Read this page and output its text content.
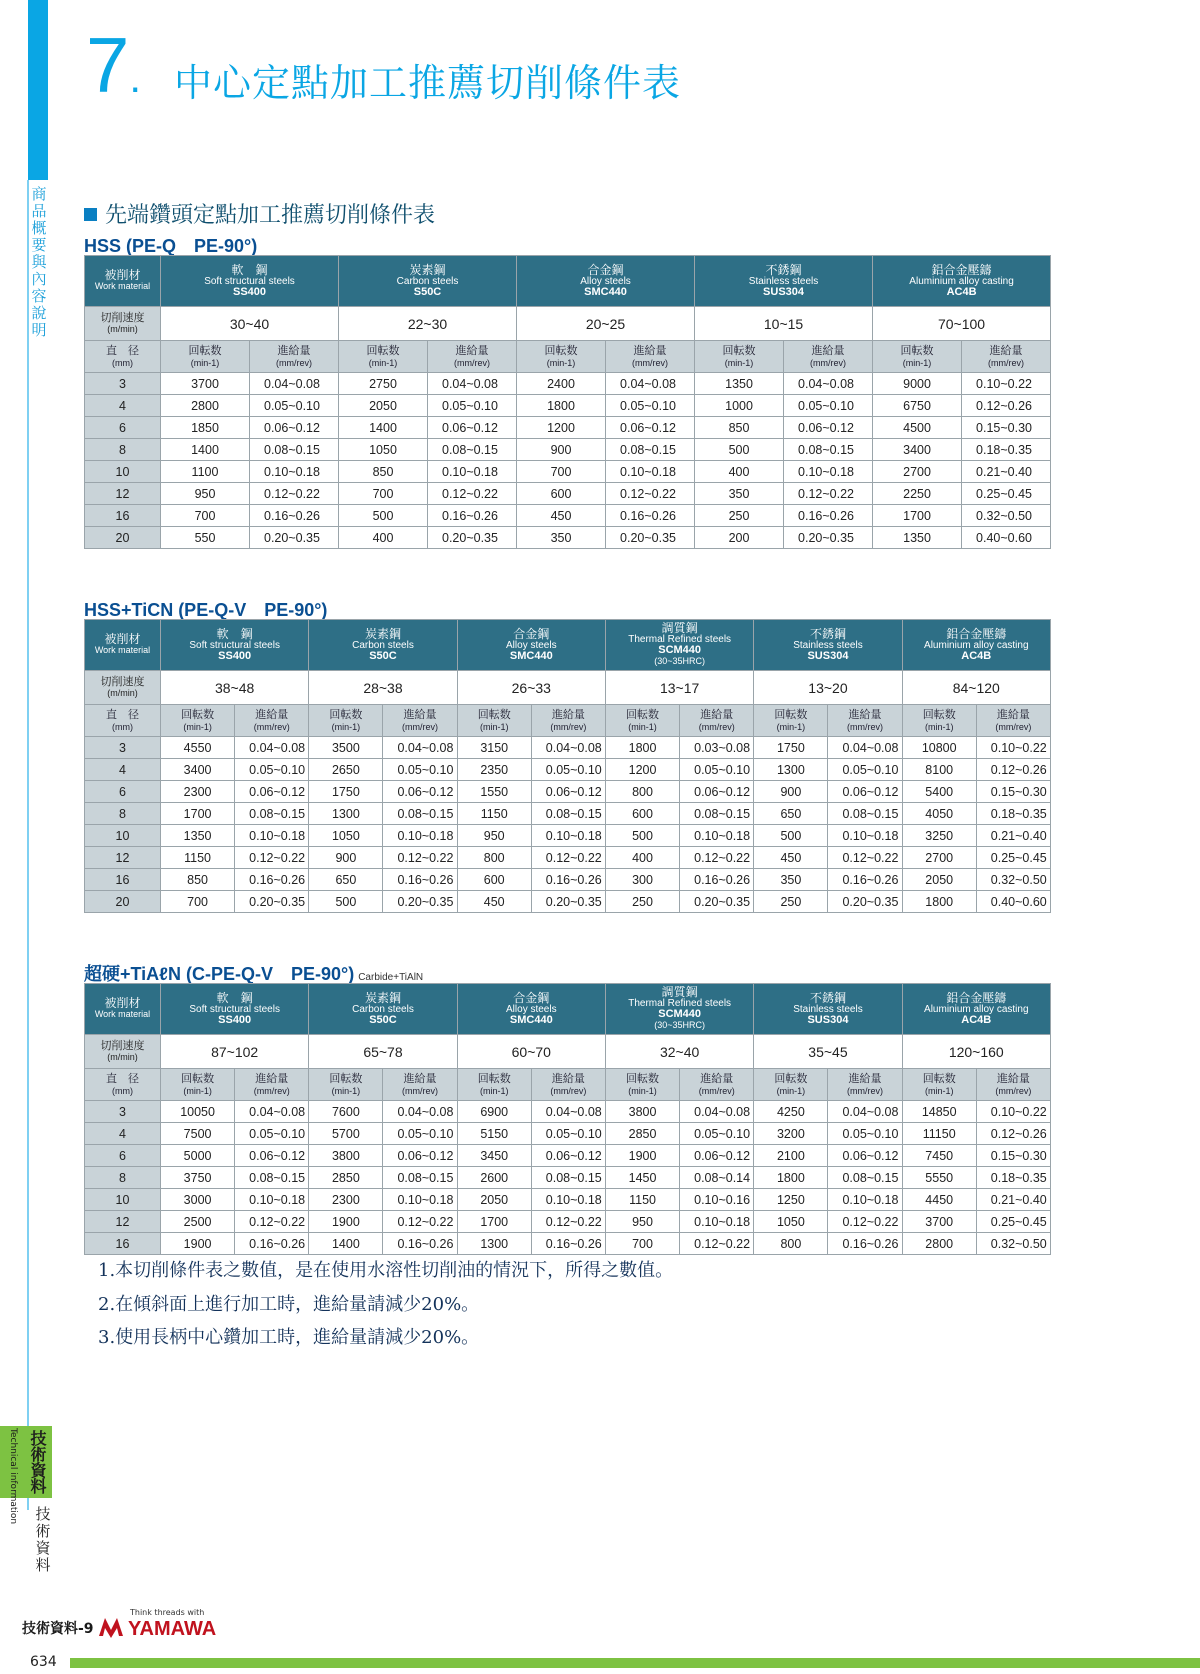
商品概要與內容說明
技術資料
Technical information 技術資料
7. 中心定點加工推薦切削條件表
先端鑽頭定點加工推薦切削條件表
HSS (PE-Q　PE-90°)
被削材
Work material	軟　鋼
Soft structural steels
SS400		炭素鋼
Carbon steels
S50C		合金鋼
Alloy steels
SMC440		不銹鋼
Stainless steels
SUS304		鋁合金壓鑄
Aluminium alloy casting
AC4B	

切削速度
(m/min)	30~40		22~30		20~25		10~15		70~100	

直　径
(mm)	回転数
(min-1)	進給量
(mm/rev)	回転数
(min-1)	進給量
(mm/rev)	回転数
(min-1)	進給量
(mm/rev)	回転数
(min-1)	進給量
(mm/rev)	回転数
(min-1)	進給量
(mm/rev)

3	3700	0.04~0.08	2750	0.04~0.08	2400	0.04~0.08	1350	0.04~0.08	9000	0.10~0.22
4	2800	0.05~0.10	2050	0.05~0.10	1800	0.05~0.10	1000	0.05~0.10	6750	0.12~0.26
6	1850	0.06~0.12	1400	0.06~0.12	1200	0.06~0.12	850	0.06~0.12	4500	0.15~0.30
8	1400	0.08~0.15	1050	0.08~0.15	900	0.08~0.15	500	0.08~0.15	3400	0.18~0.35
10	1100	0.10~0.18	850	0.10~0.18	700	0.10~0.18	400	0.10~0.18	2700	0.21~0.40
12	950	0.12~0.22	700	0.12~0.22	600	0.12~0.22	350	0.12~0.22	2250	0.25~0.45
16	700	0.16~0.26	500	0.16~0.26	450	0.16~0.26	250	0.16~0.26	1700	0.32~0.50
20	550	0.20~0.35	400	0.20~0.35	350	0.20~0.35	200	0.20~0.35	1350	0.40~0.60
HSS+TiCN (PE-Q-V　PE-90°)
被削材
Work material	軟　鋼
Soft structural steels
SS400		炭素鋼
Carbon steels
S50C		合金鋼
Alloy steels
SMC440		調質鋼
Thermal Refined steels
SCM440
(30~35HRC)		不銹鋼
Stainless steels
SUS304		鋁合金壓鑄
Aluminium alloy casting
AC4B	

切削速度
(m/min)	38~48		28~38		26~33		13~17		13~20		84~120	

直　径
(mm)	回転数
(min-1)	進給量
(mm/rev)	回転数
(min-1)	進給量
(mm/rev)	回転数
(min-1)	進給量
(mm/rev)	回転数
(min-1)	進給量
(mm/rev)	回転数
(min-1)	進給量
(mm/rev)	回転数
(min-1)	進給量
(mm/rev)

3	4550	0.04~0.08	3500	0.04~0.08	3150	0.04~0.08	1800	0.03~0.08	1750	0.04~0.08	10800	0.10~0.22
4	3400	0.05~0.10	2650	0.05~0.10	2350	0.05~0.10	1200	0.05~0.10	1300	0.05~0.10	8100	0.12~0.26
6	2300	0.06~0.12	1750	0.06~0.12	1550	0.06~0.12	800	0.06~0.12	900	0.06~0.12	5400	0.15~0.30
8	1700	0.08~0.15	1300	0.08~0.15	1150	0.08~0.15	600	0.08~0.15	650	0.08~0.15	4050	0.18~0.35
10	1350	0.10~0.18	1050	0.10~0.18	950	0.10~0.18	500	0.10~0.18	500	0.10~0.18	3250	0.21~0.40
12	1150	0.12~0.22	900	0.12~0.22	800	0.12~0.22	400	0.12~0.22	450	0.12~0.22	2700	0.25~0.45
16	850	0.16~0.26	650	0.16~0.26	600	0.16~0.26	300	0.16~0.26	350	0.16~0.26	2050	0.32~0.50
20	700	0.20~0.35	500	0.20~0.35	450	0.20~0.35	250	0.20~0.35	250	0.20~0.35	1800	0.40~0.60
超硬+TiAℓN (C-PE-Q-V　PE-90°) Carbide+TiAlN
被削材
Work material	軟　鋼
Soft structural steels
SS400		炭素鋼
Carbon steels
S50C		合金鋼
Alloy steels
SMC440		調質鋼
Thermal Refined steels
SCM440
(30~35HRC)		不銹鋼
Stainless steels
SUS304		鋁合金壓鑄
Aluminium alloy casting
AC4B	

切削速度
(m/min)	87~102		65~78		60~70		32~40		35~45		120~160	

直　径
(mm)	回転数
(min-1)	進給量
(mm/rev)	回転数
(min-1)	進給量
(mm/rev)	回転数
(min-1)	進給量
(mm/rev)	回転数
(min-1)	進給量
(mm/rev)	回転数
(min-1)	進給量
(mm/rev)	回転数
(min-1)	進給量
(mm/rev)

3	10050	0.04~0.08	7600	0.04~0.08	6900	0.04~0.08	3800	0.04~0.08	4250	0.04~0.08	14850	0.10~0.22
4	7500	0.05~0.10	5700	0.05~0.10	5150	0.05~0.10	2850	0.05~0.10	3200	0.05~0.10	11150	0.12~0.26
6	5000	0.06~0.12	3800	0.06~0.12	3450	0.06~0.12	1900	0.06~0.12	2100	0.06~0.12	7450	0.15~0.30
8	3750	0.08~0.15	2850	0.08~0.15	2600	0.08~0.15	1450	0.08~0.14	1800	0.08~0.15	5550	0.18~0.35
10	3000	0.10~0.18	2300	0.10~0.18	2050	0.10~0.18	1150	0.10~0.16	1250	0.10~0.18	4450	0.21~0.40
12	2500	0.12~0.22	1900	0.12~0.22	1700	0.12~0.22	950	0.10~0.18	1050	0.12~0.22	3700	0.25~0.45
16	1900	0.16~0.26	1400	0.16~0.26	1300	0.16~0.26	700	0.12~0.22	800	0.16~0.26	2800	0.32~0.50
1.本切削條件表之數值，是在使用水溶性切削油的情況下，所得之數值。
2.在傾斜面上進行加工時，進給量請減少20%。
3.使用長柄中心鑽加工時，進給量請減少20%。
技術資料-9
Think threads with
YAMAWA
634
